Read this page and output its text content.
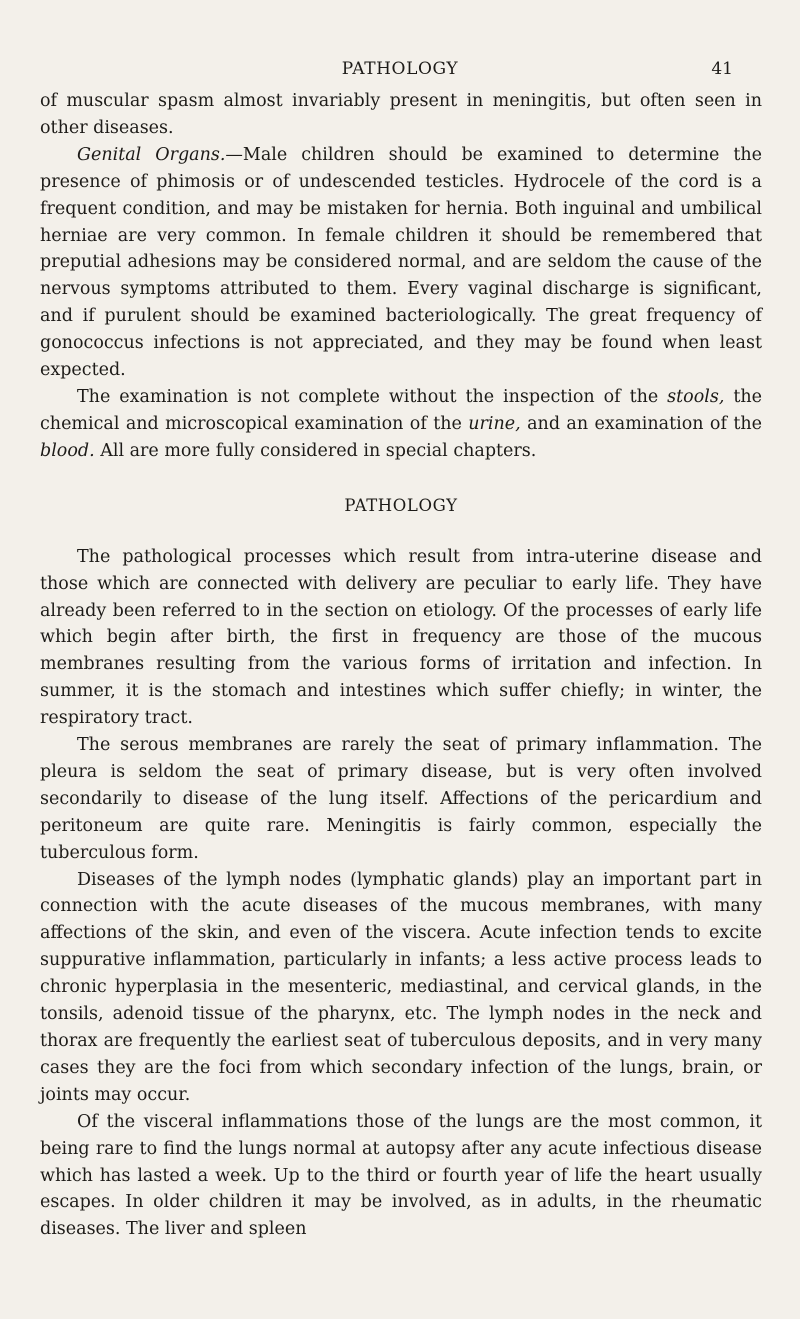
PATHOLOGY	41

of muscular spasm almost invariably present in meningitis, but often seen in other diseases.

Genital Organs.—Male children should be examined to determine the presence of phimosis or of undescended testicles. Hydrocele of the cord is a frequent condition, and may be mistaken for hernia. Both inguinal and umbilical herniae are very common. In female children it should be remembered that preputial adhesions may be considered normal, and are seldom the cause of the nervous symptoms attributed to them. Every vaginal discharge is significant, and if purulent should be examined bacteriologically. The great frequency of gonococcus infections is not appreciated, and they may be found when least expected.

The examination is not complete without the inspection of the stools, the chemical and microscopical examination of the urine, and an examination of the blood. All are more fully considered in special chapters.

PATHOLOGY

The pathological processes which result from intra-uterine disease and those which are connected with delivery are peculiar to early life. They have already been referred to in the section on etiology. Of the processes of early life which begin after birth, the first in frequency are those of the mucous membranes resulting from the various forms of irritation and infection. In summer, it is the stomach and intestines which suffer chiefly; in winter, the respiratory tract.

The serous membranes are rarely the seat of primary inflammation. The pleura is seldom the seat of primary disease, but is very often involved secondarily to disease of the lung itself. Affections of the pericardium and peritoneum are quite rare. Meningitis is fairly common, especially the tuberculous form.

Diseases of the lymph nodes (lymphatic glands) play an important part in connection with the acute diseases of the mucous membranes, with many affections of the skin, and even of the viscera. Acute infection tends to excite suppurative inflammation, particularly in infants; a less active process leads to chronic hyperplasia in the mesenteric, mediastinal, and cervical glands, in the tonsils, adenoid tissue of the pharynx, etc. The lymph nodes in the neck and thorax are frequently the earliest seat of tuberculous deposits, and in very many cases they are the foci from which secondary infection of the lungs, brain, or joints may occur.

Of the visceral inflammations those of the lungs are the most common, it being rare to find the lungs normal at autopsy after any acute infectious disease which has lasted a week. Up to the third or fourth year of life the heart usually escapes. In older children it may be involved, as in adults, in the rheumatic diseases. The liver and spleen
